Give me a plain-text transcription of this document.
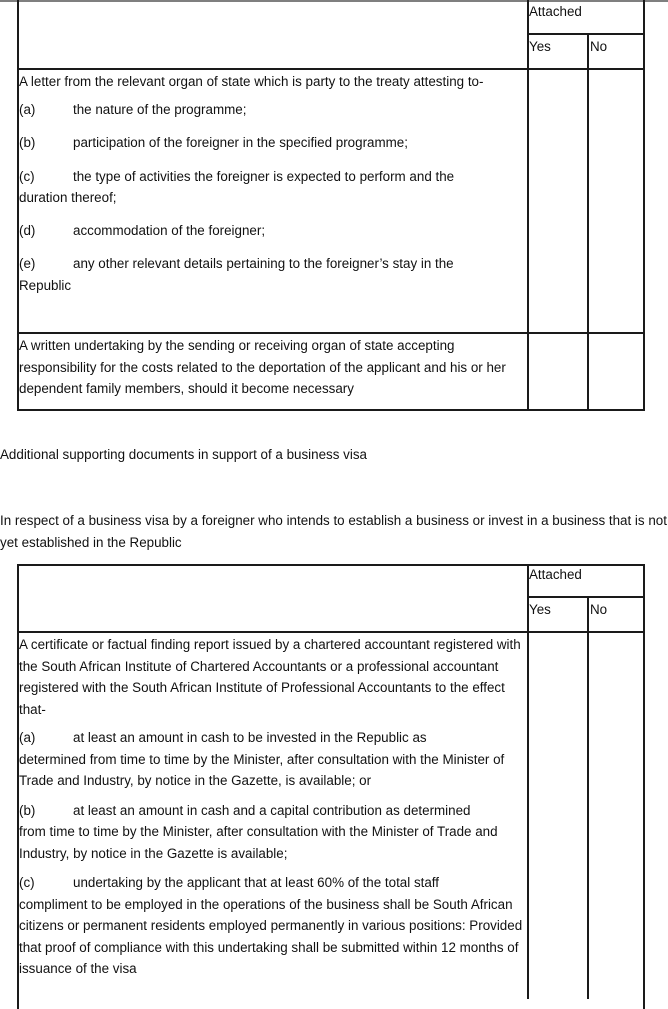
Attached
Yes	No

A letter from the relevant organ of state which is party to the treaty attesting to-

(a)	the nature of the programme;
(b)	participation of the foreigner in the specified programme;
(c)	the type of activities the foreigner is expected to perform and the

duration thereof;

(d)	accommodation of the foreigner;
(e)	any other relevant details pertaining to the foreigner’s stay in the

Republic

A written undertaking by the sending or receiving organ of state accepting responsibility for the costs related to the deportation of the applicant and his or her dependent family members, should it become necessary

Additional supporting documents in support of a business visa

In respect of a business visa by a foreigner who intends to establish a business or invest in a business that is not yet established in the Republic

Attached
Yes	No

A certificate or factual finding report issued by a chartered accountant registered with the South African Institute of Chartered Accountants or a professional accountant registered with the South African Institute of Professional Accountants to the effect that-

(a)	at least an amount in cash to be invested in the Republic as

determined from time to time by the Minister, after consultation with the Minister of Trade and Industry, by notice in the Gazette, is available; or

(b)	at least an amount in cash and a capital contribution as determined

from time to time by the Minister, after consultation with the Minister of Trade and Industry, by notice in the Gazette is available;

(c)	undertaking by the applicant that at least 60% of the total staff

compliment to be employed in the operations of the business shall be South African citizens or permanent residents employed permanently in various positions: Provided that proof of compliance with this undertaking shall be submitted within 12 months of issuance of the visa
